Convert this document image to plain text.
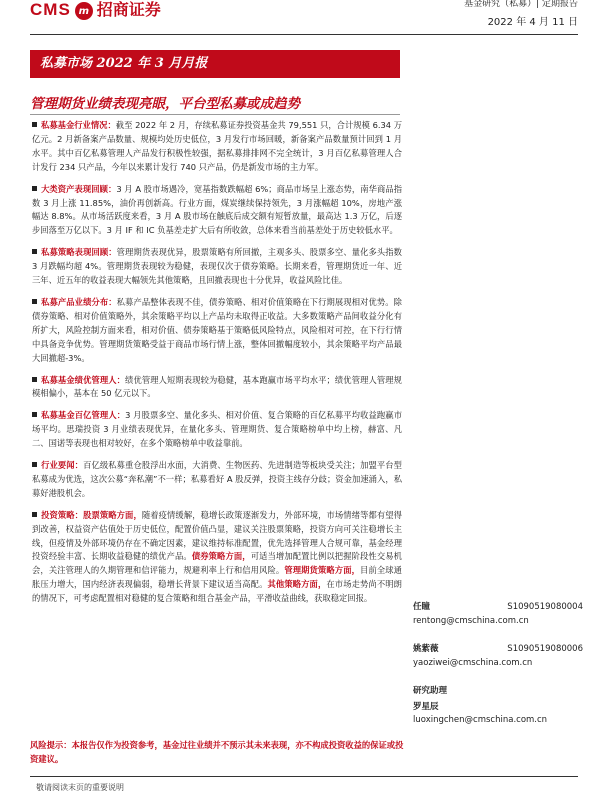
CMS m 招商证券	基金研究（私募）| 定期报告
2022 年 4 月 11 日
私募市场 2022 年 3 月月报
管理期货业绩表现亮眼，平台型私募或成趋势

私募基金行业情况：截至 2022 年 2 月，存续私募证券投资基金共 79,551 只，合计规模 6.34 万亿元。2 月新备案产品数量、规模均处历史低位，3 月发行市场回暖，新备案产品数量预计回到 1 月水平。其中百亿私募管理人产品发行积极性较强，据私募排排网不完全统计，3 月百亿私募管理人合计发行 234 只产品，今年以来累计发行 740 只产品，仍是新发市场的主力军。

大类资产表现回顾：3 月 A 股市场遇冷，宽基指数跌幅超 6%；商品市场呈上涨态势，南华商品指数 3 月上涨 11.85%，油价再创新高。行业方面，煤炭继续保持领先，3 月涨幅超 10%，房地产涨幅达 8.8%。从市场活跃度来看，3 月 A 股市场在触底后成交额有短暂放量，最高达 1.3 万亿，后逐步回落至万亿以下。3 月 IF 和 IC 负基差走扩大后有所收敛，总体来看当前基差处于历史较低水平。

私募策略表现回顾：管理期货表现优异，股票策略有所回撤，主观多头、股票多空、量化多头指数 3 月跌幅均超 4%。管理期货表现较为稳健，表现仅次于债券策略。长期来看，管理期货近一年、近三年、近五年的收益表现大幅领先其他策略，且回撤表现也十分优异，收益风险比佳。

私募产品业绩分布：私募产品整体表现不佳，债券策略、相对价值策略在下行期展现相对优势。除债券策略、相对价值策略外，其余策略平均以上产品均未取得正收益。大多数策略产品间收益分化有所扩大，风险控制方面来看，相对价值、债券策略基于策略低风险特点，风险相对可控，在下行行情中具备竞争优势。管理期货策略受益于商品市场行情上涨，整体回撤幅度较小，其余策略平均产品最大回撤超-3%。

私募基金绩优管理人：绩优管理人短期表现较为稳健，基本跑赢市场平均水平；绩优管理人管理规模相偏小，基本在 50 亿元以下。

私募基金百亿管理人：3 月股票多空、量化多头、相对价值、复合策略的百亿私募平均收益跑赢市场平均。思瑞投资 3 月业绩表现优异，在量化多头、管理期货、复合策略榜单中均上榜，赫富、凡二、国诺等表现也相对较好，在多个策略榜单中收益靠前。

行业要闻：百亿级私募重仓股浮出水面，大消费、生物医药、先进制造等板块受关注；加盟平台型私募成为优选，这次公募“奔私潮”不一样；私募看好 A 股反弹，投资主线存分歧；资金加速涌入，私募好港股机会。

投资策略：股票策略方面，随着疫情缓解，稳增长政策逐渐发力，外部环境，市场情绪等都有望得到改善，权益资产估值处于历史低位，配置价值凸显，建议关注股票策略，投资方向可关注稳增长主线，但疫情及外部环境仍存在不确定因素，建议维持标准配置，优先选择管理人合规可靠，基金经理投资经验丰富、长期收益稳健的绩优产品。债券策略方面，可适当增加配置比例以把握阶段性交易机会，关注管理人的久期管理和信评能力，规避利率上行和信用风险。管理期货策略方面，目前全球通胀压力增大，国内经济表现偏弱，稳增长背景下建议适当高配。其他策略方面，在市场走势尚不明朗的情况下，可考虑配置相对稳健的复合策略和组合基金产品，平滑收益曲线，获取稳定回报。

风险提示：本报告仅作为投资参考，基金过往业绩并不预示其未来表现，亦不构成投资收益的保证或投资建议。
任瞳	S1090519080004
rentong@cmschina.com.cn
姚紫薇	S1090519080006
yaoziwei@cmschina.com.cn
研究助理
罗星辰
luoxingchen@cmschina.com.cn
敬请阅读末页的重要说明
